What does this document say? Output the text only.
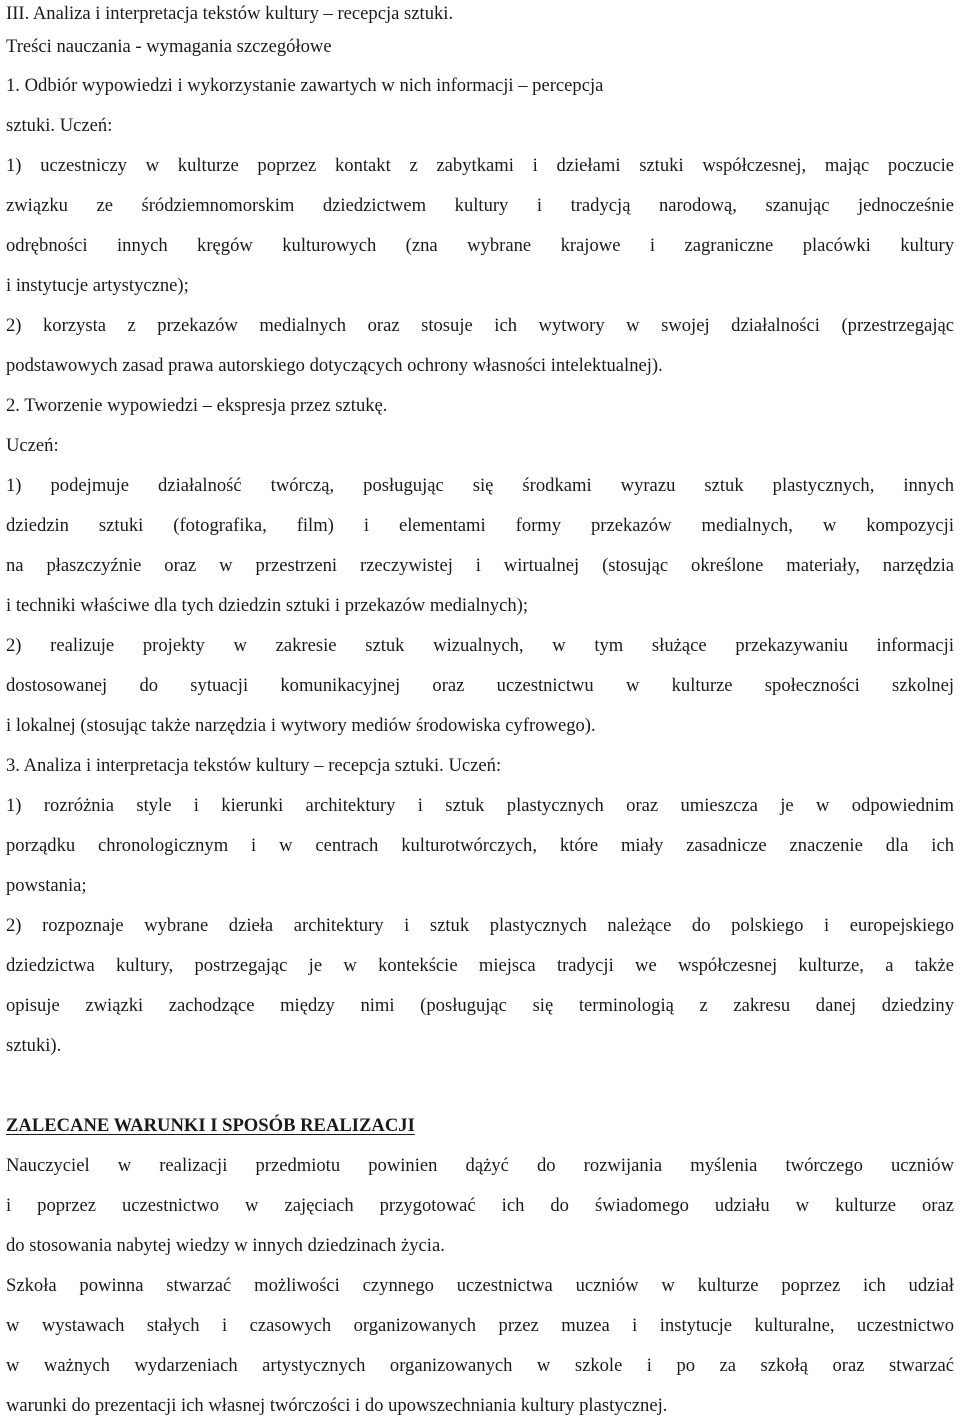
III. Analiza i interpretacja tekstów kultury – recepcja sztuki.
Treści nauczania - wymagania szczegółowe
1. Odbiór wypowiedzi i wykorzystanie zawartych w nich informacji – percepcja
sztuki. Uczeń:
1) uczestniczy w kulturze poprzez kontakt z zabytkami i dziełami sztuki współczesnej, mając poczucie
związku ze śródziemnomorskim dziedzictwem kultury i tradycją narodową, szanując jednocześnie
odrębności innych kręgów kulturowych (zna wybrane krajowe i zagraniczne placówki kultury
i instytucje artystyczne);
2) korzysta z przekazów medialnych oraz stosuje ich wytwory w swojej działalności (przestrzegając
podstawowych zasad prawa autorskiego dotyczących ochrony własności intelektualnej).
2. Tworzenie wypowiedzi – ekspresja przez sztukę.
Uczeń:
1) podejmuje działalność twórczą, posługując się środkami wyrazu sztuk plastycznych, innych
dziedzin sztuki (fotografika, film) i elementami formy przekazów medialnych, w kompozycji
na płaszczyźnie oraz w przestrzeni rzeczywistej i wirtualnej (stosując określone materiały, narzędzia
i techniki właściwe dla tych dziedzin sztuki i przekazów medialnych);
2) realizuje projekty w zakresie sztuk wizualnych, w tym służące przekazywaniu informacji
dostosowanej do sytuacji komunikacyjnej oraz uczestnictwu w kulturze społeczności szkolnej
i lokalnej (stosując także narzędzia i wytwory mediów środowiska cyfrowego).
3. Analiza i interpretacja tekstów kultury – recepcja sztuki. Uczeń:
1) rozróżnia style i kierunki architektury i sztuk plastycznych oraz umieszcza je w odpowiednim
porządku chronologicznym i w centrach kulturotwórczych, które miały zasadnicze znaczenie dla ich
powstania;
2) rozpoznaje wybrane dzieła architektury i sztuk plastycznych należące do polskiego i europejskiego
dziedzictwa kultury, postrzegając je w kontekście miejsca tradycji we współczesnej kulturze, a także
opisuje związki zachodzące między nimi (posługując się terminologią z zakresu danej dziedziny
sztuki).
ZALECANE WARUNKI I SPOSÓB REALIZACJI
Nauczyciel w realizacji przedmiotu powinien dążyć do rozwijania myślenia twórczego uczniów
i poprzez uczestnictwo w zajęciach przygotować ich do świadomego udziału w kulturze oraz
do stosowania nabytej wiedzy w innych dziedzinach życia.
Szkoła powinna stwarzać możliwości czynnego uczestnictwa uczniów w kulturze poprzez ich udział
w wystawach stałych i czasowych organizowanych przez muzea i instytucje kulturalne, uczestnictwo
w ważnych wydarzeniach artystycznych organizowanych w szkole i po za szkołą oraz stwarzać
warunki do prezentacji ich własnej twórczości i do upowszechniania kultury plastycznej.
